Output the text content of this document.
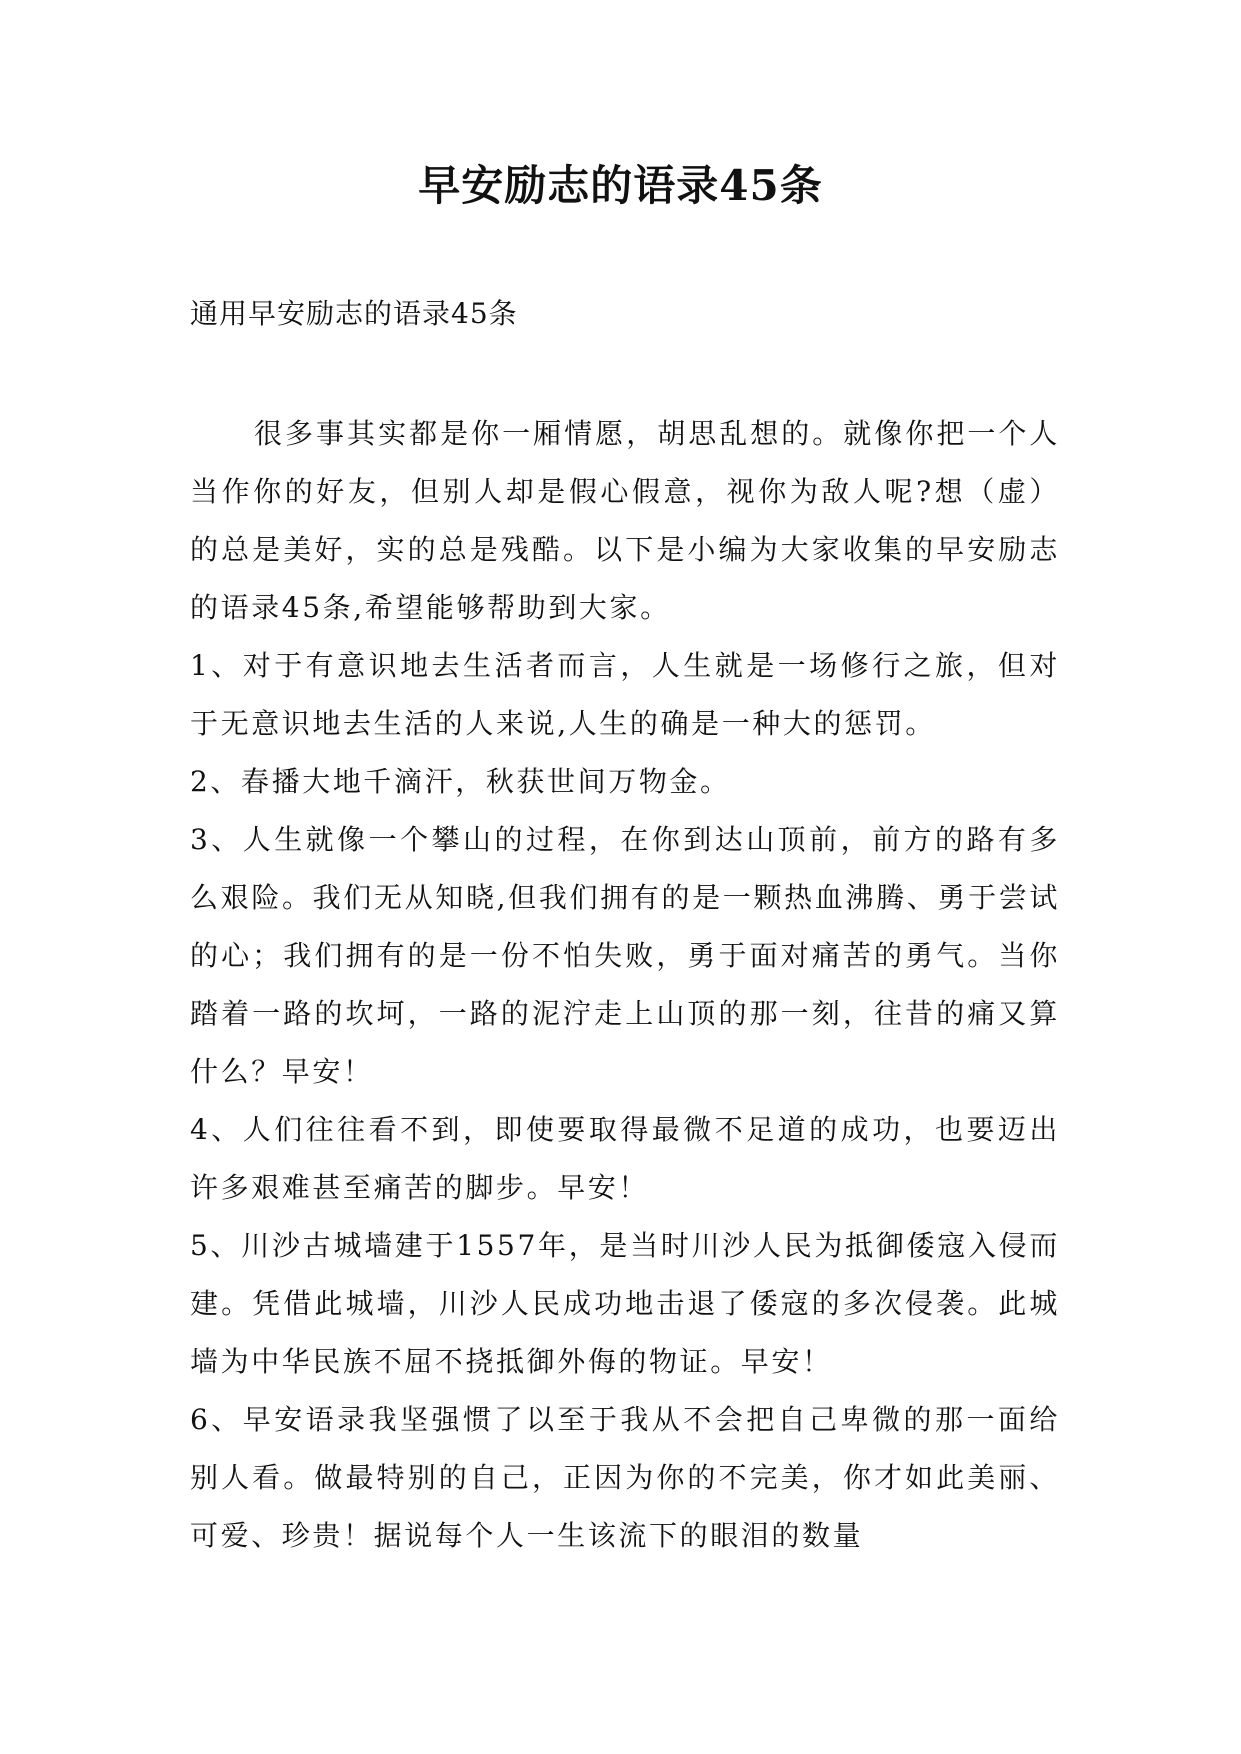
早安励志的语录45条

通用早安励志的语录45条

很多事其实都是你一厢情愿，胡思乱想的。就像你把一个人当作你的好友，但别人却是假心假意，视你为敌人呢?想（虚）的总是美好，实的总是残酷。以下是小编为大家收集的早安励志的语录45条,希望能够帮助到大家。

1、对于有意识地去生活者而言，人生就是一场修行之旅，但对于无意识地去生活的人来说,人生的确是一种大的惩罚。

2、春播大地千滴汗，秋获世间万物金。

3、人生就像一个攀山的过程，在你到达山顶前，前方的路有多么艰险。我们无从知晓,但我们拥有的是一颗热血沸腾、勇于尝试的心；我们拥有的是一份不怕失败，勇于面对痛苦的勇气。当你踏着一路的坎坷，一路的泥泞走上山顶的那一刻，往昔的痛又算什么？早安！

4、人们往往看不到，即使要取得最微不足道的成功，也要迈出许多艰难甚至痛苦的脚步。早安！

5、川沙古城墙建于1557年，是当时川沙人民为抵御倭寇入侵而建。凭借此城墙，川沙人民成功地击退了倭寇的多次侵袭。此城墙为中华民族不屈不挠抵御外侮的物证。早安！

6、早安语录我坚强惯了以至于我从不会把自己卑微的那一面给别人看。做最特别的自己，正因为你的不完美，你才如此美丽、可爱、珍贵！据说每个人一生该流下的眼泪的数量
